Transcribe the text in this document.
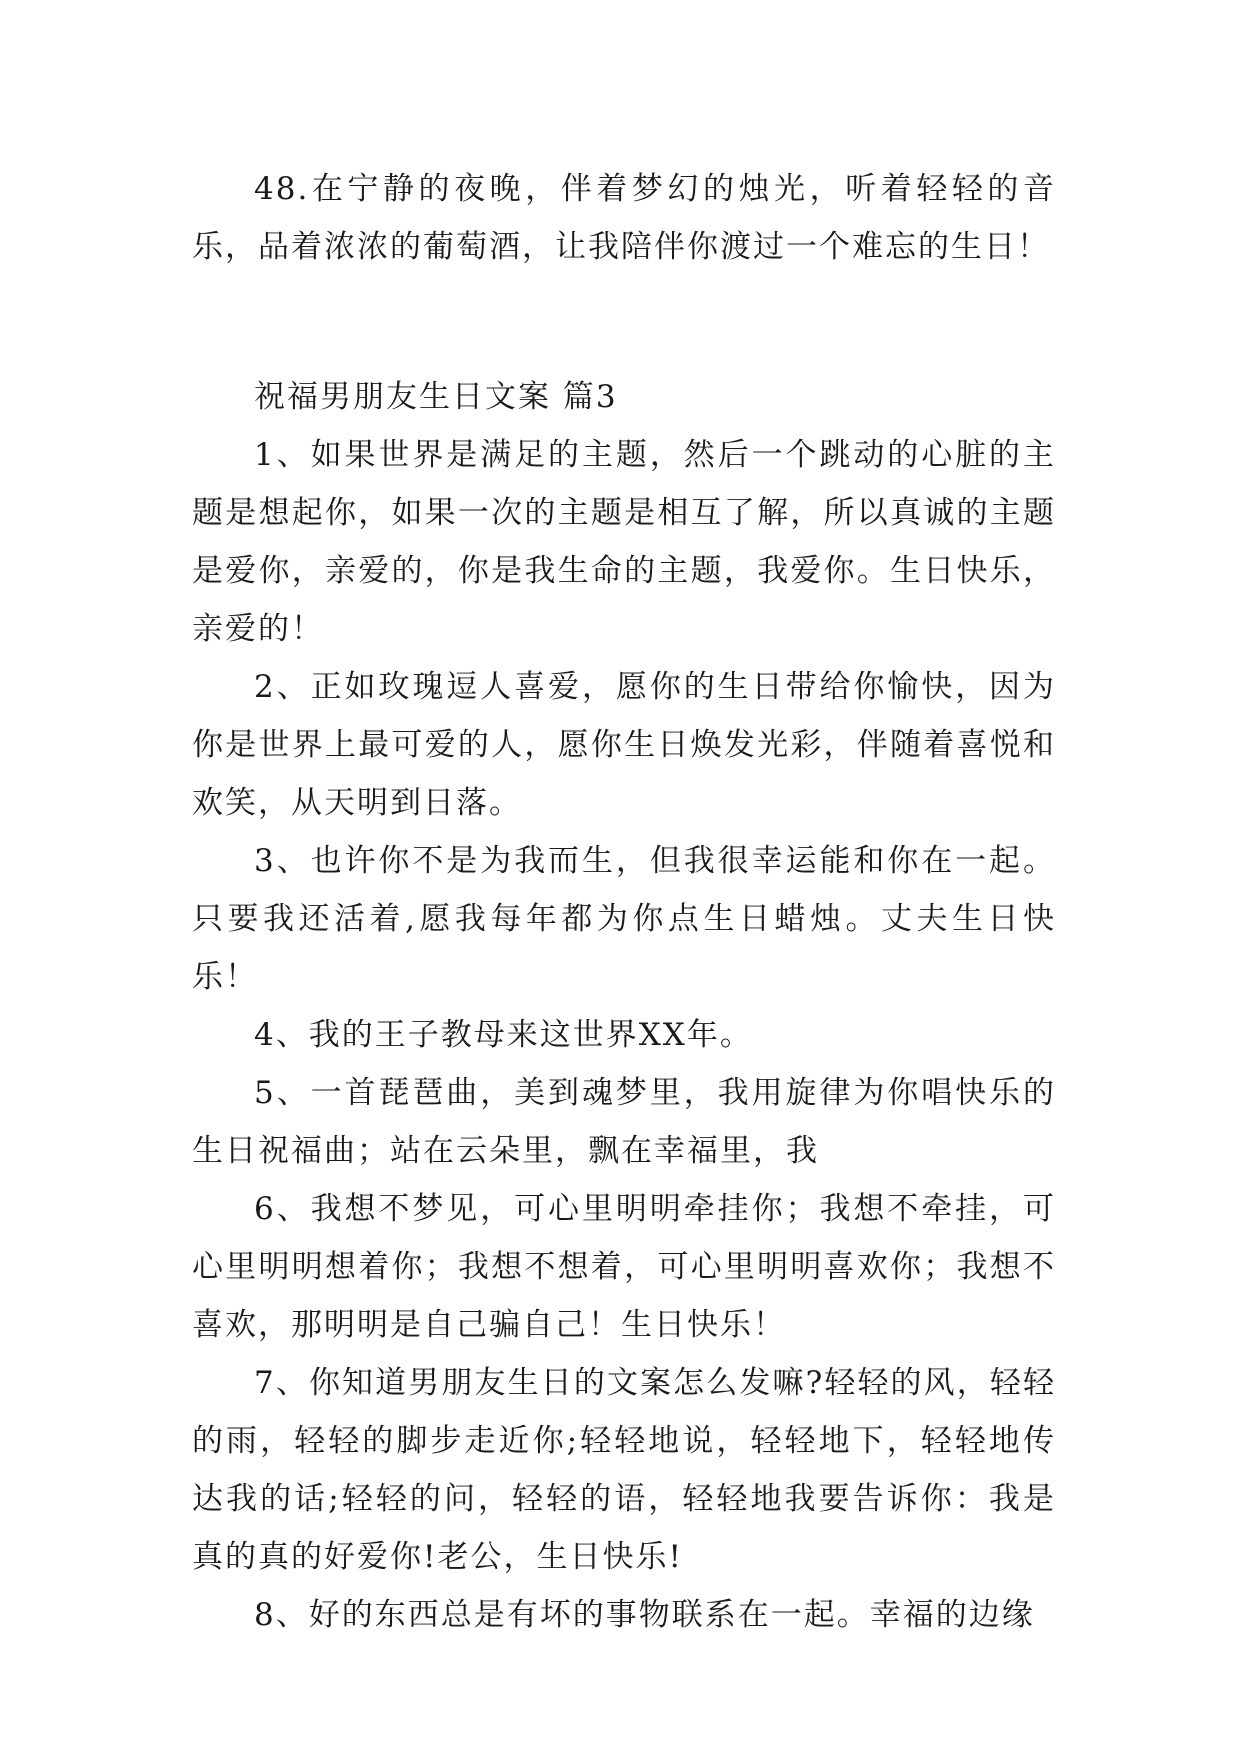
48.在宁静的夜晚，伴着梦幻的烛光，听着轻轻的音乐，品着浓浓的葡萄酒，让我陪伴你渡过一个难忘的生日！

祝福男朋友生日文案 篇3

1、如果世界是满足的主题，然后一个跳动的心脏的主题是想起你，如果一次的主题是相互了解，所以真诚的主题是爱你，亲爱的，你是我生命的主题，我爱你。生日快乐，亲爱的！

2、正如玫瑰逗人喜爱，愿你的生日带给你愉快，因为你是世界上最可爱的人，愿你生日焕发光彩，伴随着喜悦和欢笑，从天明到日落。

3、也许你不是为我而生，但我很幸运能和你在一起。只要我还活着,愿我每年都为你点生日蜡烛。丈夫生日快乐！

4、我的王子教母来这世界XX年。

5、一首琵琶曲，美到魂梦里，我用旋律为你唱快乐的生日祝福曲；站在云朵里，飘在幸福里，我

6、我想不梦见，可心里明明牵挂你；我想不牵挂，可心里明明想着你；我想不想着，可心里明明喜欢你；我想不喜欢，那明明是自己骗自己！生日快乐！

7、你知道男朋友生日的文案怎么发嘛?轻轻的风，轻轻的雨，轻轻的脚步走近你;轻轻地说，轻轻地下，轻轻地传达我的话;轻轻的问，轻轻的语，轻轻地我要告诉你：我是真的真的好爱你!老公，生日快乐!

8、好的东西总是有坏的事物联系在一起。幸福的边缘
